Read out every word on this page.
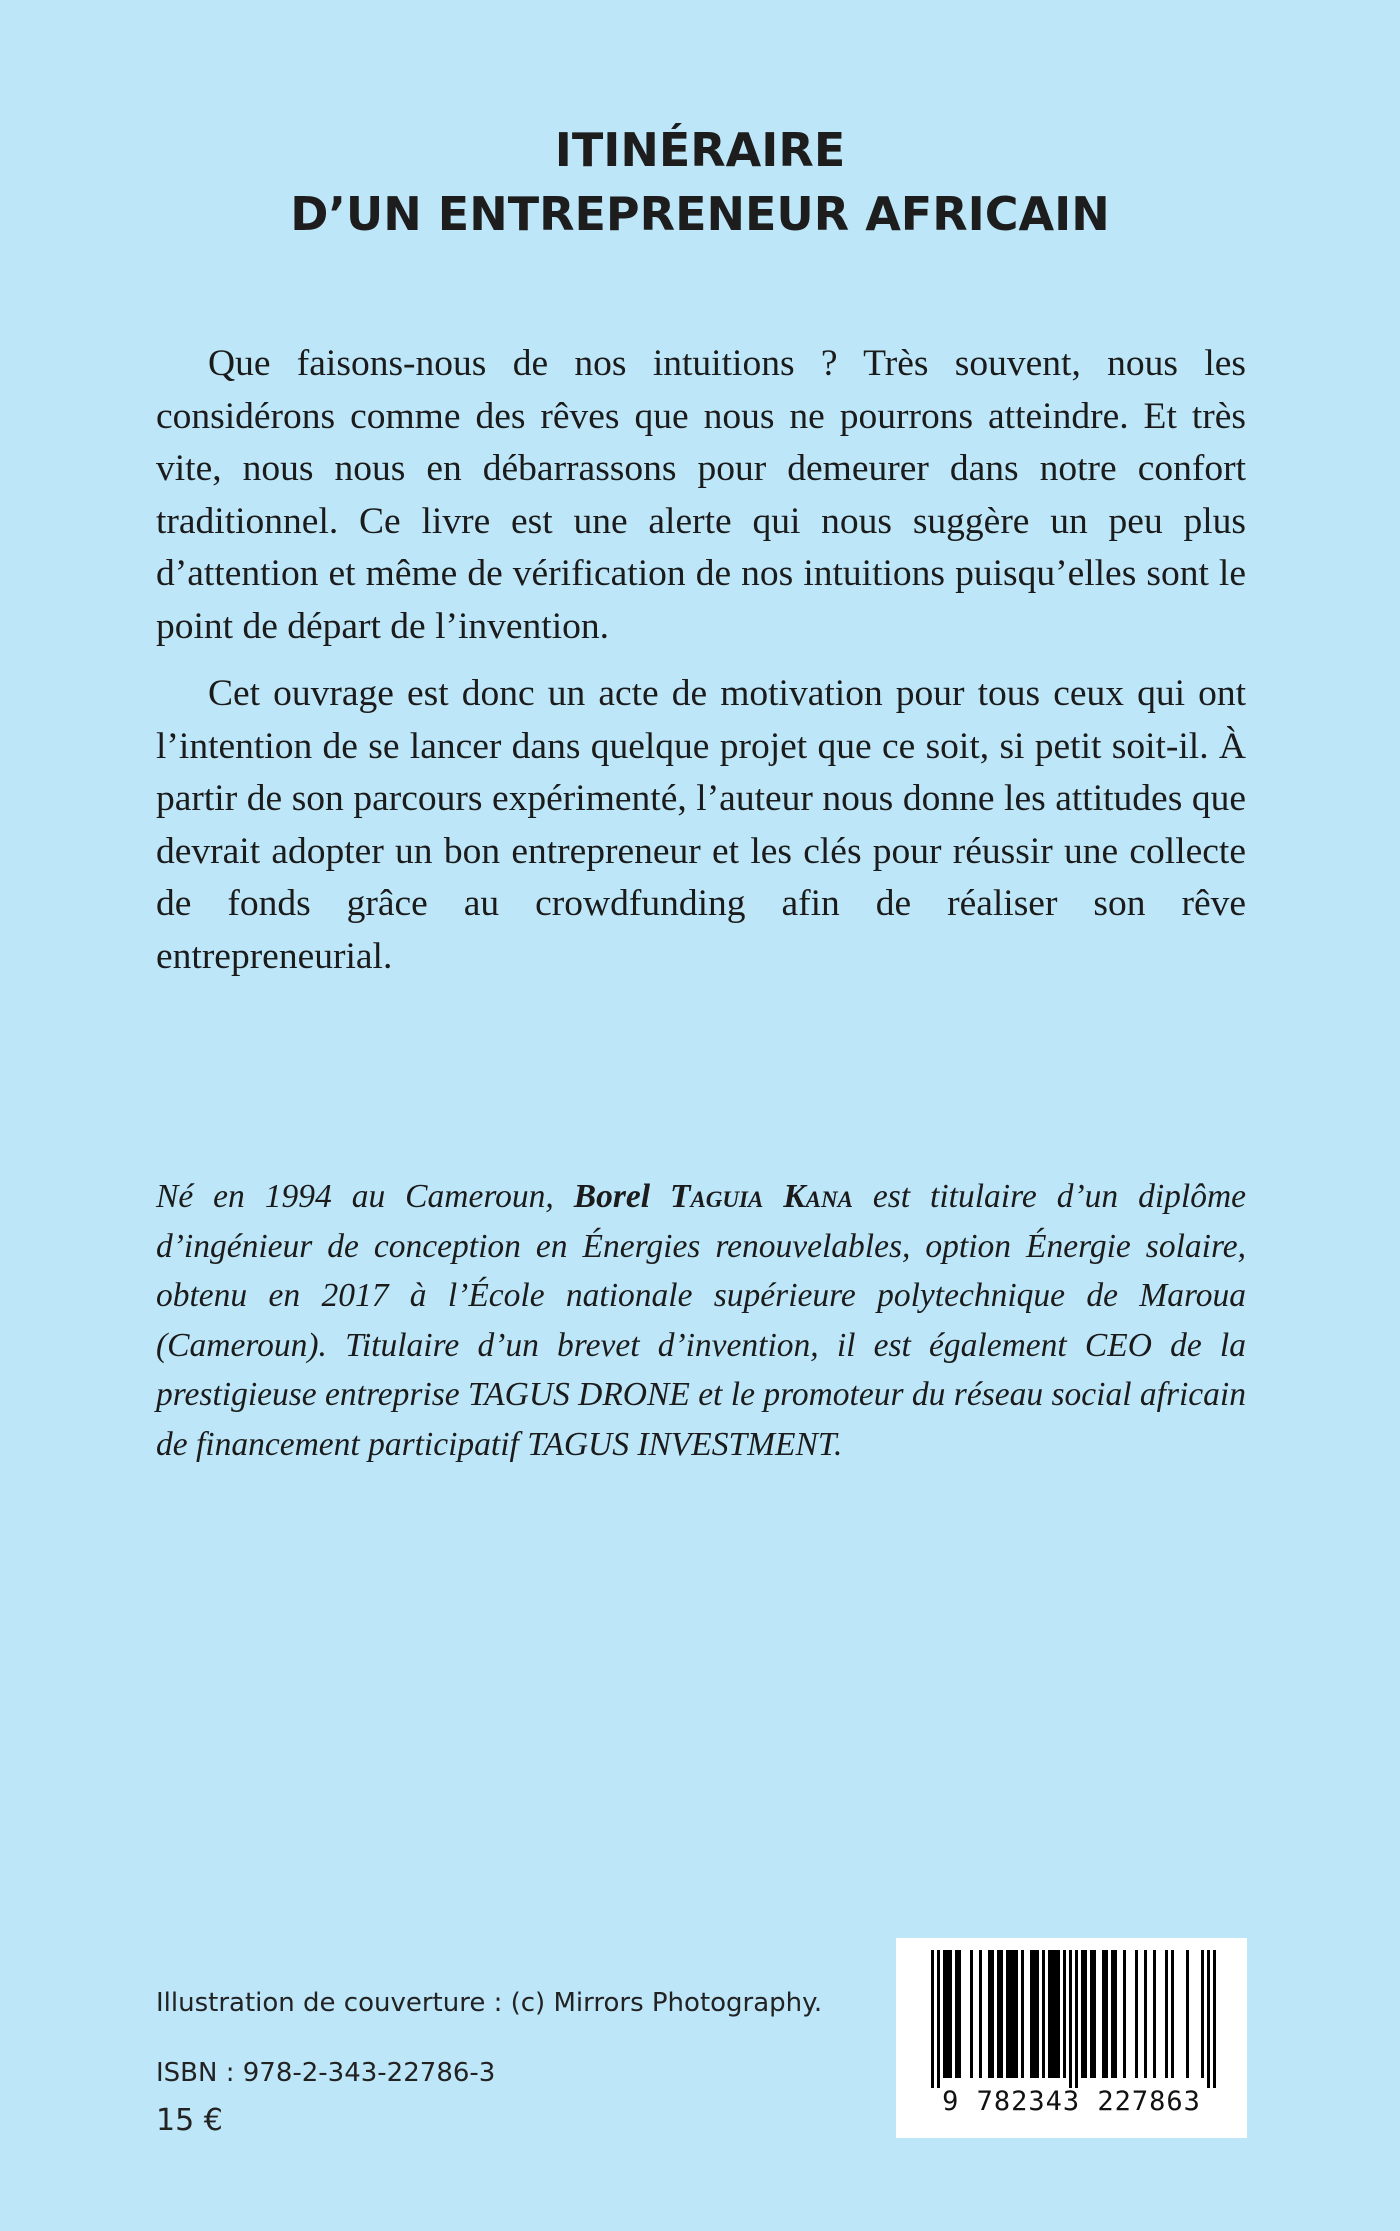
ITINÉRAIRE
D’UN ENTREPRENEUR AFRICAIN

Que faisons-nous de nos intuitions ? Très souvent, nous les considérons comme des rêves que nous ne pourrons atteindre. Et très vite, nous nous en débarrassons pour demeurer dans notre confort traditionnel. Ce livre est une alerte qui nous suggère un peu plus d’attention et même de vérification de nos intuitions puisqu’elles sont le point de départ de l’invention.

Cet ouvrage est donc un acte de motivation pour tous ceux qui ont l’intention de se lancer dans quelque projet que ce soit, si petit soit-il. À partir de son parcours expérimenté, l’auteur nous donne les attitudes que devrait adopter un bon entrepreneur et les clés pour réussir une collecte de fonds grâce au crowdfunding afin de réaliser son rêve entrepreneurial.

Né en 1994 au Cameroun, Borel Taguia Kana est titulaire d’un diplôme d’ingénieur de conception en Énergies renouvelables, option Énergie solaire, obtenu en 2017 à l’École nationale supérieure polytechnique de Maroua (Cameroun). Titulaire d’un brevet d’invention, il est également CEO de la prestigieuse entreprise TAGUS DRONE et le promoteur du réseau social africain de financement participatif TAGUS INVESTMENT.

Illustration de couverture : (c) Mirrors Photography.
ISBN : 978-2-343-22786-3
15 €
9 782343 227863
